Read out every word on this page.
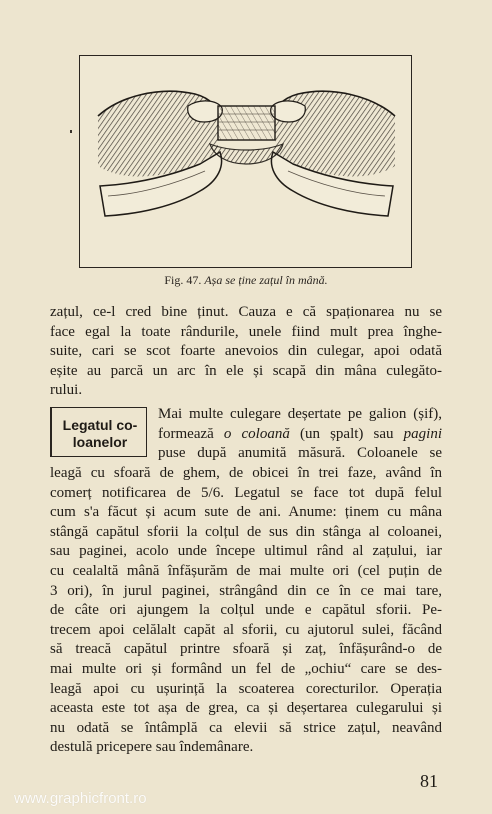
Fig. 47. Așa se ține zațul în mână.
zațul, ce-l cred bine ținut. Cauza e că spaționarea nu se
face egal la toate rândurile, unele fiind mult prea înghe-
suite, cari se scot foarte anevoios din culegar, apoi odată
eșite au parcă un arc în ele și scapă din mâna culegăto-
rului.
Legatul co-
loanelor
Mai multe culegare deșertate pe galion (șif),
formează o coloană (un șpalt) sau pagini
puse după anumită măsură. Coloanele se
leagă cu sfoară de ghem, de obicei în trei faze, având în
comerț notificarea de 5/6. Legatul se face tot după felul
cum s'a făcut și acum sute de ani. Anume: ținem cu mâna
stângă capătul sforii la colțul de sus din stânga al coloanei,
sau paginei, acolo unde începe ultimul rând al zațului, iar
cu cealaltă mână înfășurăm de mai multe ori (cel puțin de
3 ori), în jurul paginei, strângând din ce în ce mai tare,
de câte ori ajungem la colțul unde e capătul sforii. Pe-
trecem apoi celălalt capăt al sforii, cu ajutorul sulei, făcând
să treacă capătul printre sfoară și zaț, înfășurând-o de
mai multe ori și formând un fel de „ochiu“ care se des-
leagă apoi cu ușurință la scoaterea corecturilor. Operația
aceasta este tot așa de grea, ca și deșertarea culegarului și
nu odată se întâmplă ca elevii să strice zațul, neavând
destulă pricepere sau îndemânare.
81
www.graphicfront.ro
